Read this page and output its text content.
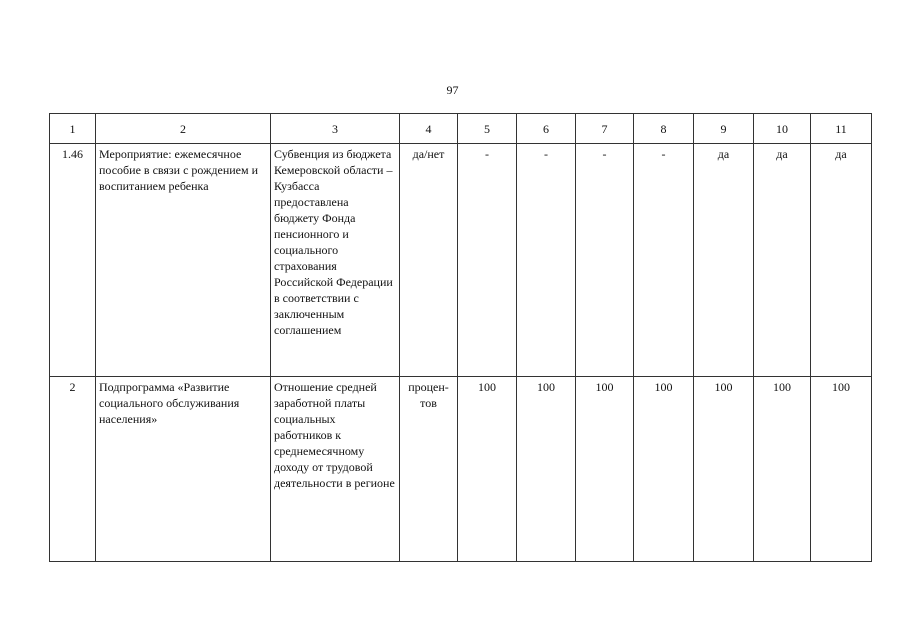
97
1	2	3	4	5	6	7	8	9	10	11
1.46	Мероприятие: ежемесячное пособие в связи с рождением и воспитанием ребенка	Субвенция из бюджета Кемеровской области – Кузбасса предоставлена бюджету Фонда пенсионного и социального страхования Российской Федерации в соответствии с заключенным соглашением	да/нет	-	-	-	-	да	да	да
2	Подпрограмма «Развитие социального обслуживания населения»	Отношение средней заработной платы социальных работников к среднемесячному доходу от трудовой деятельности в регионе	процен-тов	100	100	100	100	100	100	100
